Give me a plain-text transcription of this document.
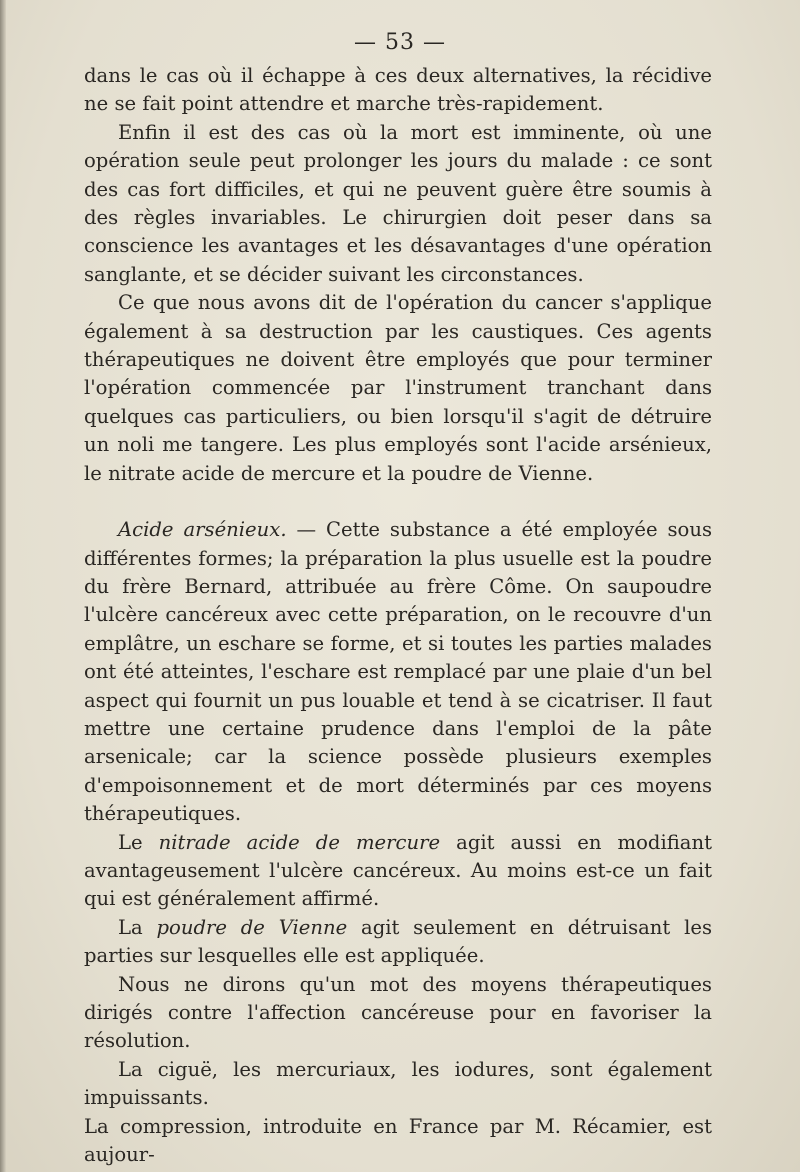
— 53 —

dans le cas où il échappe à ces deux alternatives, la récidive ne se fait point attendre et marche très-rapidement.

Enfin il est des cas où la mort est imminente, où une opération seule peut prolonger les jours du malade : ce sont des cas fort difficiles, et qui ne peuvent guère être soumis à des règles invariables. Le chirurgien doit peser dans sa conscience les avantages et les désavantages d'une opération sanglante, et se décider suivant les circonstances.

Ce que nous avons dit de l'opération du cancer s'applique également à sa destruction par les caustiques. Ces agents thérapeutiques ne doivent être employés que pour terminer l'opération commencée par l'instrument tranchant dans quelques cas particuliers, ou bien lorsqu'il s'agit de détruire un noli me tangere. Les plus employés sont l'acide arsénieux, le nitrate acide de mercure et la poudre de Vienne.

Acide arsénieux. — Cette substance a été employée sous différentes formes; la préparation la plus usuelle est la poudre du frère Bernard, attribuée au frère Côme. On saupoudre l'ulcère cancéreux avec cette préparation, on le recouvre d'un emplâtre, un eschare se forme, et si toutes les parties malades ont été atteintes, l'eschare est remplacé par une plaie d'un bel aspect qui fournit un pus louable et tend à se cicatriser. Il faut mettre une certaine prudence dans l'emploi de la pâte arsenicale; car la science possède plusieurs exemples d'empoisonnement et de mort déterminés par ces moyens thérapeutiques.

Le nitrade acide de mercure agit aussi en modifiant avantageusement l'ulcère cancéreux. Au moins est-ce un fait qui est généralement affirmé.

La poudre de Vienne agit seulement en détruisant les parties sur lesquelles elle est appliquée.

Nous ne dirons qu'un mot des moyens thérapeutiques dirigés contre l'affection cancéreuse pour en favoriser la résolution.

La ciguë, les mercuriaux, les iodures, sont également impuissants.

La compression, introduite en France par M. Récamier, est aujour-
